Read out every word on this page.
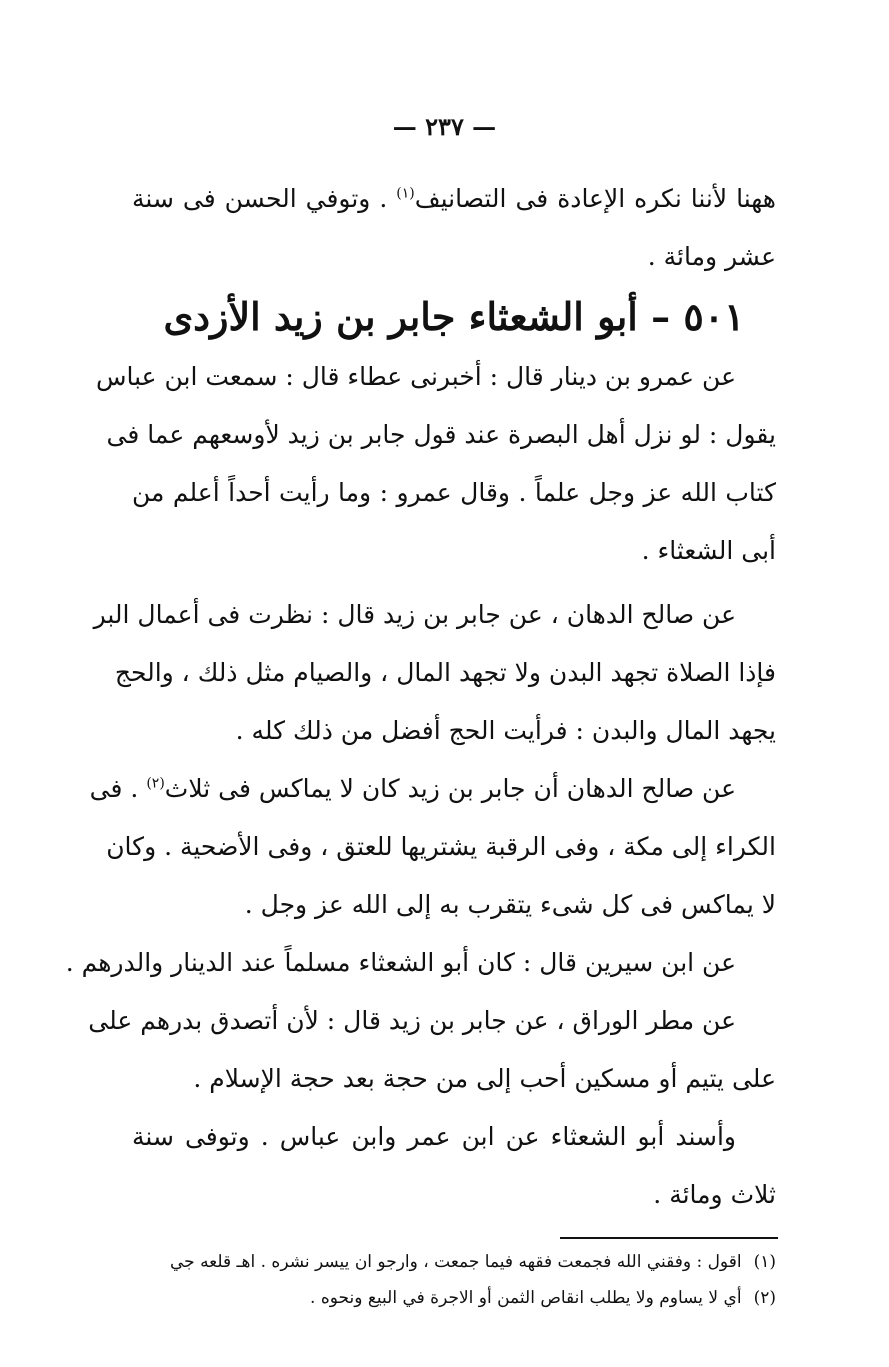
— ٢٣٧ —
ههنا لأننا نكره الإعادة فى التصانيف$^{(١)}$ . وتوفي الحسن فى سنة
عشر ومائة .
٥٠١ – أبو الشعثاء جابر بن زيد الأزدى
عن عمرو بن دينار قال : أخبرنى عطاء قال : سمعت ابن عباس
يقول : لو نزل أهل البصرة عند قول جابر بن زيد لأوسعهم عما فى
كتاب الله عز وجل علماً . وقال عمرو : وما رأيت أحداً أعلم من
أبى الشعثاء .
عن صالح الدهان ، عن جابر بن زيد قال : نظرت فى أعمال البر
فإذا الصلاة تجهد البدن ولا تجهد المال ، والصيام مثل ذلك ، والحج
يجهد المال والبدن : فرأيت الحج أفضل من ذلك كله .
عن صالح الدهان أن جابر بن زيد كان لا يماكس فى ثلاث$^{(٢)}$ . فى
الكراء إلى مكة ، وفى الرقبة يشتريها للعتق ، وفى الأضحية . وكان
لا يماكس فى كل شىء يتقرب به إلى الله عز وجل .
عن ابن سيرين قال : كان أبو الشعثاء مسلماً عند الدينار والدرهم .
عن مطر الوراق ، عن جابر بن زيد قال : لأن أتصدق بدرهم على
على يتيم أو مسكين أحب إلى من حجة بعد حجة الإسلام .
وأسند أبو الشعثاء عن ابن عمر وابن عباس . وتوفى سنة
ثلاث ومائة .
(١)اقول : وفقني الله فجمعت فقهه فيما جمعت ، وارجو ان ييسر نشره . اهـ قلعه جي
(٢)أي لا يساوم ولا يطلب انقاص الثمن أو الاجرة في البيع ونحوه .
